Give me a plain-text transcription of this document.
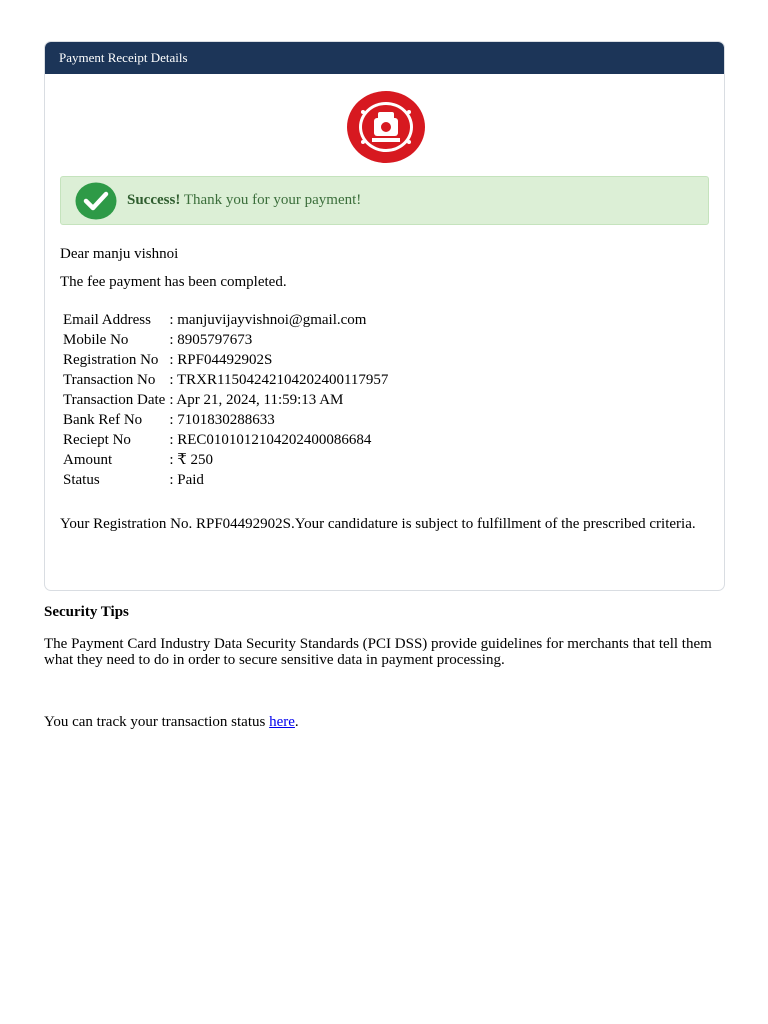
Payment Receipt Details
Success! Thank you for your payment!
Dear manju vishnoi
The fee payment has been completed.
Email Address	: manjuvijayvishnoi@gmail.com
Mobile No	: 8905797673
Registration No	: RPF04492902S
Transaction No	: TRXR11504242104202400117957
Transaction Date	: Apr 21, 2024, 11:59:13 AM
Bank Ref No	: 7101830288633
Reciept No	: REC0101012104202400086684
Amount	: ₹ 250
Status	: Paid
Your Registration No. RPF04492902S.Your candidature is subject to fulfillment of the prescribed criteria.
Security Tips
The Payment Card Industry Data Security Standards (PCI DSS) provide guidelines for merchants that tell them what they need to do in order to secure sensitive data in payment processing.
You can track your transaction status here.
